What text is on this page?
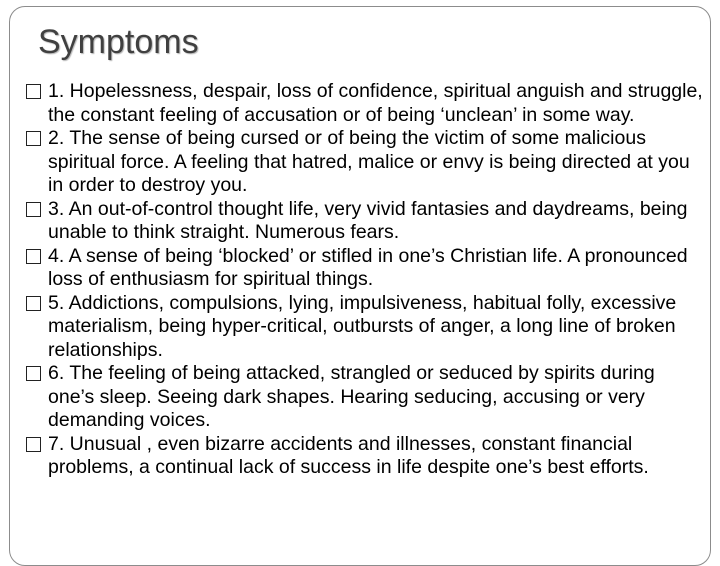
Symptoms
1. Hopelessness, despair, loss of confidence, spiritual anguish and struggle, the constant feeling of accusation or of being ‘unclean’ in some way.
2. The sense of being cursed or of being the victim of some malicious spiritual force. A feeling that hatred, malice or envy is being directed at you in order to destroy you.
3. An out-of-control thought life, very vivid fantasies and daydreams, being unable to think straight. Numerous fears.
4. A sense of being ‘blocked’ or stifled in one’s Christian life. A pronounced loss of enthusiasm for spiritual things.
5. Addictions, compulsions, lying, impulsiveness, habitual folly, excessive materialism, being hyper-critical, outbursts of anger, a long line of broken relationships.
6. The feeling of being attacked, strangled or seduced by spirits during one’s sleep. Seeing dark shapes. Hearing seducing, accusing or very demanding voices.
7. Unusual , even bizarre accidents and illnesses, constant financial problems, a continual lack of success in life despite one’s best efforts.
